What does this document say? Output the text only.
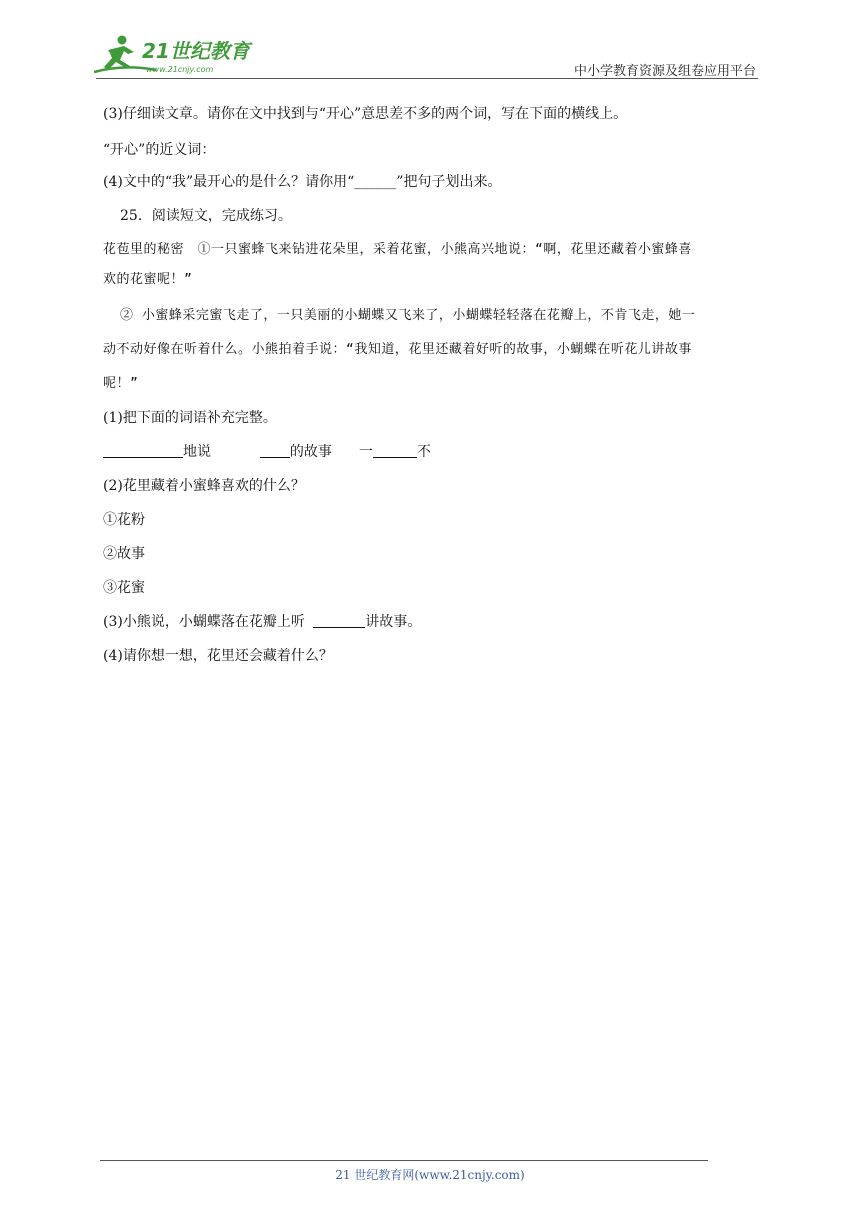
21世纪教育
www.21cnjy.com	中小学教育资源及组卷应用平台
(3)仔细读文章。请你在文中找到与“开心”意思差不多的两个词，写在下面的横线上。
“开心”的近义词：
(4)文中的“我”最开心的是什么？请你用“______”把句子划出来。
25．阅读短文，完成练习。
花苞里的秘密　①一只蜜蜂飞来钻进花朵里，采着花蜜，小熊高兴地说：“啊，花里还藏着小蜜蜂喜
欢的花蜜呢！”
② 小蜜蜂采完蜜飞走了，一只美丽的小蝴蝶又飞来了，小蝴蝶轻轻落在花瓣上，不肯飞走，她一
动不动好像在听着什么。小熊拍着手说：“我知道，花里还藏着好听的故事，小蝴蝶在听花儿讲故事
呢！”
(1)把下面的词语补充完整。
地说	的故事 一	不
(2)花里藏着小蜜蜂喜欢的什么？
①花粉
②故事
③花蜜
(3)小熊说，小蝴蝶落在花瓣上听	讲故事。
(4)请你想一想，花里还会藏着什么？
21 世纪教育网(www.21cnjy.com)
